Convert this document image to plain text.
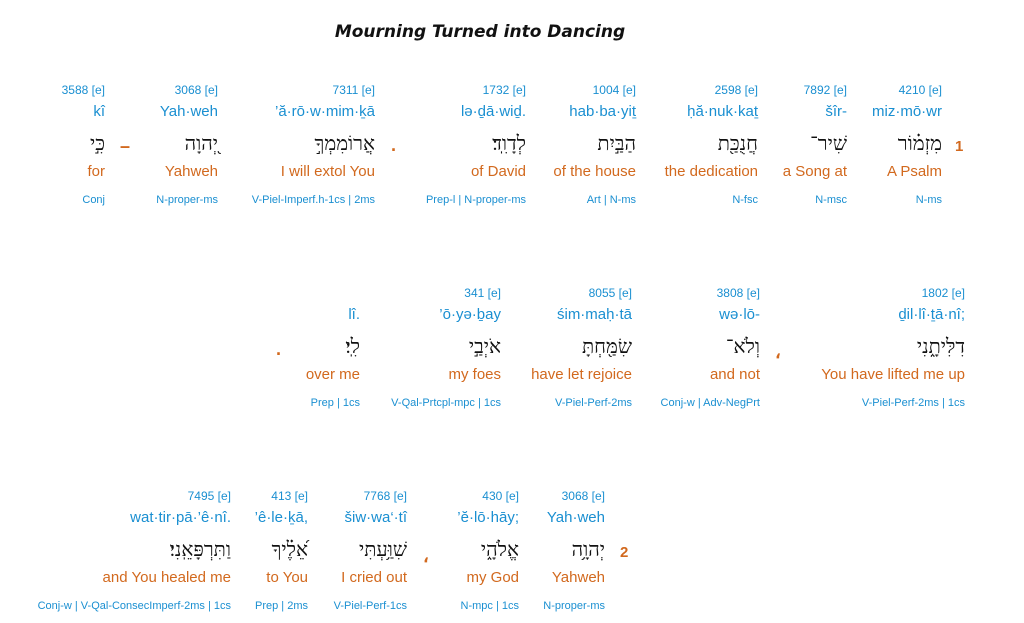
Mourning Turned into Dancing
1
4210 [e]
miz·mō·wr
מִזְמ֗וֹר
A Psalm
N-ms
7892 [e]
šîr-
שִׁיר־
a Song at
N-msc
2598 [e]
ḥă·nuk·kaṯ
חֲנֻכַּ֖ת
the dedication
N-fsc
1004 [e]
hab·ba·yiṯ
הַבַּ֣יִת
of the house
Art | N-ms
1732 [e]
lə·ḏā·wiḏ.
לְדָוִֽד׃
of David
Prep-l | N-proper-ms
·
7311 [e]
’ă·rō·w·mim·ḵā
אֲרוֹמִמְךָ֣
I will extol You
V-Piel-Imperf.h-1cs | 2ms
3068 [e]
Yah·weh
יְ֭הוָה
Yahweh
N-proper-ms
–
3588 [e]
kî
כִּ֣י
for
Conj
1802 [e]
ḏil·lî·ṯā·nî;
דִלִּיתָ֑נִי
You have lifted me up
V-Piel-Perf-2ms | 1cs
،
3808 [e]
wə·lō-
וְלֹא־
and not
Conj-w | Adv-NegPrt
8055 [e]
śim·maḥ·tā
שִׂמַּ֖חְתָּ
have let rejoice
V-Piel-Perf-2ms
341 [e]
’ō·yə·ḇay
אֹיְבַ֣י
my foes
V-Qal-Prtcpl-mpc | 1cs
lî.
לִֽי׃
over me
Prep | 1cs
·
2
3068 [e]
Yah·weh
יְהוָ֥ה
Yahweh
N-proper-ms
430 [e]
’ĕ·lō·hāy;
אֱלֹהָ֑י
my God
N-mpc | 1cs
،
7768 [e]
šiw·wa‘·tî
שִׁוַּ֥עְתִּי
I cried out
V-Piel-Perf-1cs
413 [e]
’ê·le·ḵā,
אֵ֝לֶ֗יךָ
to You
Prep | 2ms
7495 [e]
wat·tir·pā·’ê·nî.
וַתִּרְפָּאֵֽנִי׃
and You healed me
Conj-w | V-Qal-ConsecImperf-2ms | 1cs
